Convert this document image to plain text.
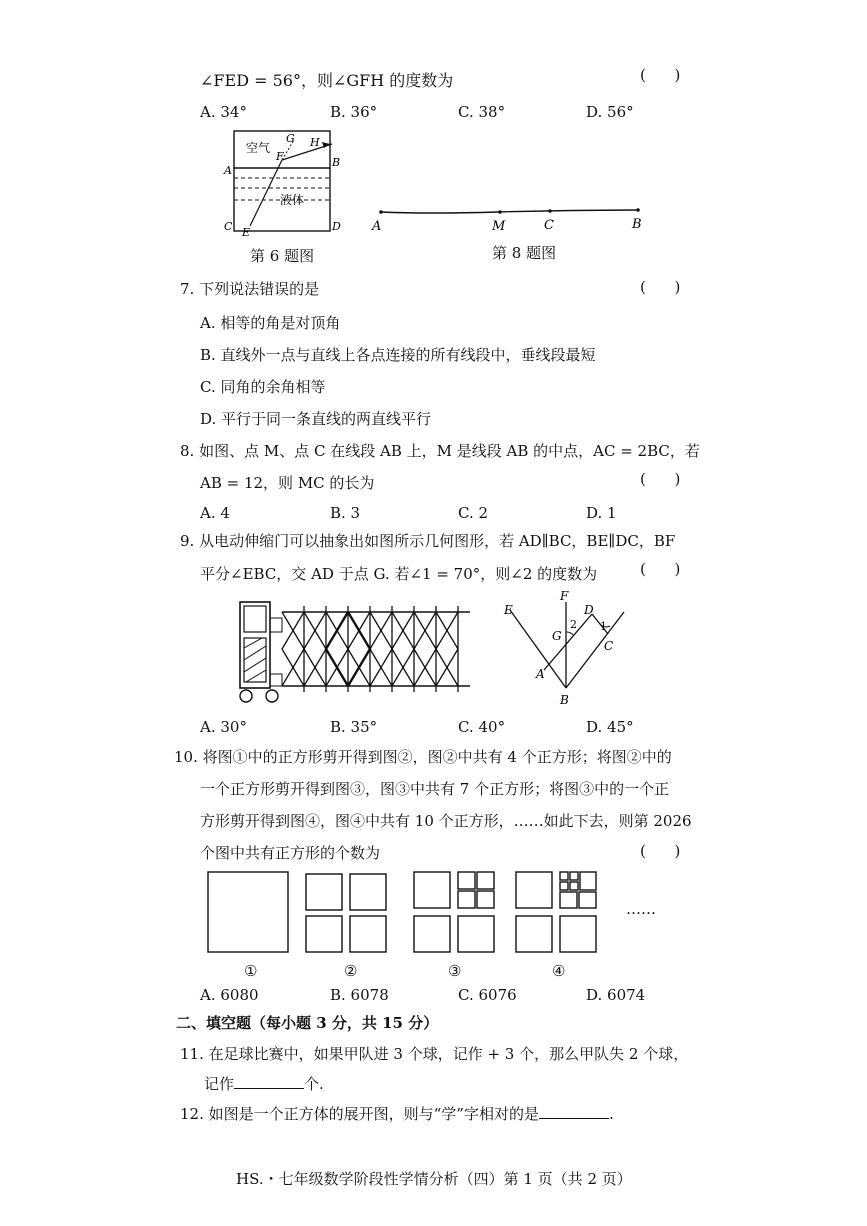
∠FED = 56°，则∠GFH 的度数为	(      )
A. 34°	B. 36°	C. 38°	D. 56°
空气
液体
A
B
C	D
E
F
G H
第 6 题图
A	M	C	B
第 8 题图
7. 下列说法错误的是	(      )
A. 相等的角是对顶角
B. 直线外一点与直线上各点连接的所有线段中，垂线段最短
C. 同角的余角相等
D. 平行于同一条直线的两直线平行
8. 如图、点 M、点 C 在线段 AB 上，M 是线段 AB 的中点，AC = 2BC，若
AB = 12，则 MC 的长为	(      )
A. 4	B. 3	C. 2	D. 1
9. 从电动伸缩门可以抽象出如图所示几何图形，若 AD∥BC，BE∥DC，BF
平分∠EBC，交 AD 于点 G. 若∠1 = 70°，则∠2 的度数为	(      )
E
F
D
G
A
C
B
1
2
A. 30°	B. 35°	C. 40°	D. 45°
10. 将图①中的正方形剪开得到图②，图②中共有 4 个正方形；将图②中的
一个正方形剪开得到图③，图③中共有 7 个正方形；将图③中的一个正
方形剪开得到图④，图④中共有 10 个正方形，……如此下去，则第 2026
个图中共有正方形的个数为	(      )
……
①	②	③	④
A. 6080	B. 6078	C. 6076	D. 6074
二、填空题（每小题 3 分，共 15 分）
11. 在足球比赛中，如果甲队进 3 个球，记作 + 3 个，那么甲队失 2 个球，
记作	个.
12. 如图是一个正方体的展开图，则与“学”字相对的是	.
HS.・七年级数学阶段性学情分析（四）第 1 页（共 2 页）
